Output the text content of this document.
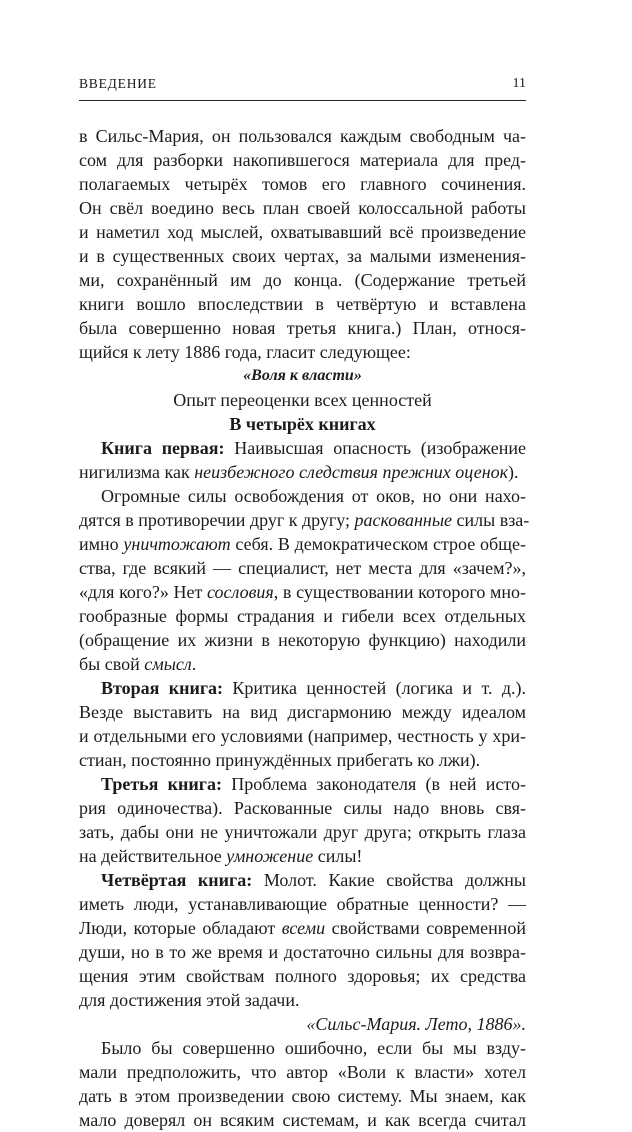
ВВЕДЕНИЕ	11
в Сильс-Мария, он пользовался каждым свободным ча-
сом для разборки накопившегося материала для пред-
полагаемых четырёх томов его главного сочинения.
Он свёл воедино весь план своей колоссальной работы
и наметил ход мыслей, охватывавший всё произведение
и в существенных своих чертах, за малыми изменения-
ми, сохранённый им до конца. (Содержание третьей
книги вошло впоследствии в четвёртую и вставлена
была совершенно новая третья книга.) План, относя-
щийся к лету 1886 года, гласит следующее:
«Воля к власти»
Опыт переоценки всех ценностей
В четырёх книгах
Книга первая: Наивысшая опасность (изображение
нигилизма как неизбежного следствия прежних оценок).
Огромные силы освобождения от оков, но они нахо-
дятся в противоречии друг к другу; раскованные силы вза-
имно уничтожают себя. В демократическом строе обще-
ства, где всякий — специалист, нет места для «зачем?»,
«для кого?» Нет сословия, в существовании которого мно-
гообразные формы страдания и гибели всех отдельных
(обращение их жизни в некоторую функцию) находили
бы свой смысл.
Вторая книга: Критика ценностей (логика и т. д.).
Везде выставить на вид дисгармонию между идеалом
и отдельными его условиями (например, честность у хри-
стиан, постоянно принуждённых прибегать ко лжи).
Третья книга: Проблема законодателя (в ней исто-
рия одиночества). Раскованные силы надо вновь свя-
зать, дабы они не уничтожали друг друга; открыть глаза
на действительное умножение силы!
Четвёртая книга: Молот. Какие свойства должны
иметь люди, устанавливающие обратные ценности? —
Люди, которые обладают всеми свойствами современной
души, но в то же время и достаточно сильны для возвра-
щения этим свойствам полного здоровья; их средства
для достижения этой задачи.
«Сильс-Мария. Лето, 1886».
Было бы совершенно ошибочно, если бы мы взду-
мали предположить, что автор «Воли к власти» хотел
дать в этом произведении свою систему. Мы знаем, как
мало доверял он всяким системам, и как всегда считал
